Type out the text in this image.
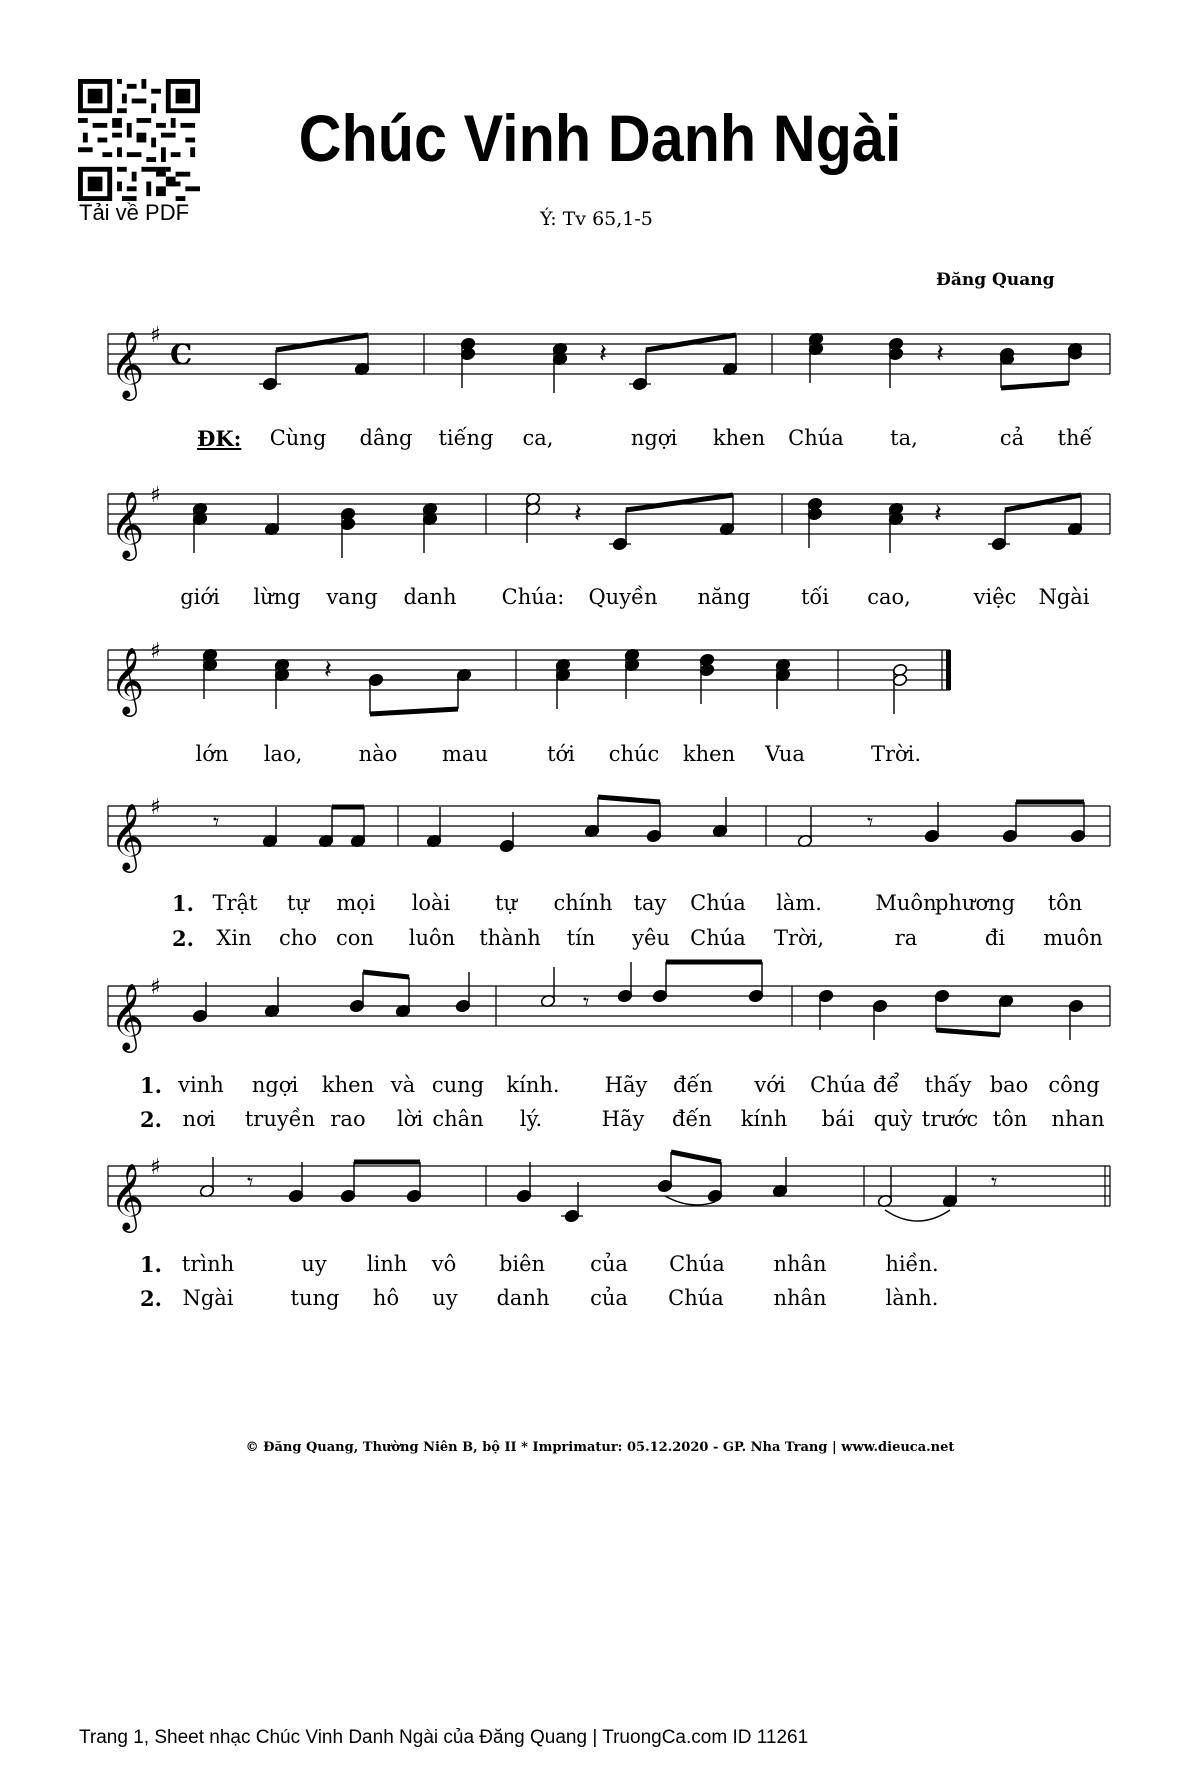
Tải về PDF
Chúc Vinh Danh Ngài
Ý: Tv 65,1-5
Đăng Quang
𝄞 ♯
C
𝄞 ♯
𝄞 ♯
𝄞 ♯
𝄞 ♯
𝄞 ♯
𝄽	𝄽
𝄽	𝄽
𝄽
𝄾	𝄾
𝄾
𝄾	𝄾
ĐK: Cùng dâng tiếng ca,	ngợi khen Chúa ta,	cả thế
giới lừng vang danh Chúa: Quyền năng tối cao,	việc Ngài
lớn lao,	nào mau	tới chúc khen Vua	Trời.
1.
2.
Trật tự mọi loài tự chính tay Chúa làm.	Muôn
phương tôn
Xin cho con luôn thành tín yêu Chúa Trời,	ra	đi muôn
1.
2.
vinh ngợi khen và cung kính. Hãy đến với Chúa để thấy bao công
nơi truyền rao lời chân lý.	Hãy đến kính bái quỳ trước tôn nhan
1.
2.
trình	uy linh vô biên của Chúa nhân	hiền.
Ngài	tung hô uy danh của Chúa nhân	lành.
© Đăng Quang, Thường Niên B, bộ II * Imprimatur: 05.12.2020 - GP. Nha Trang | www.dieuca.net
Trang 1, Sheet nhạc Chúc Vinh Danh Ngài của Đăng Quang | TruongCa.com ID 11261
